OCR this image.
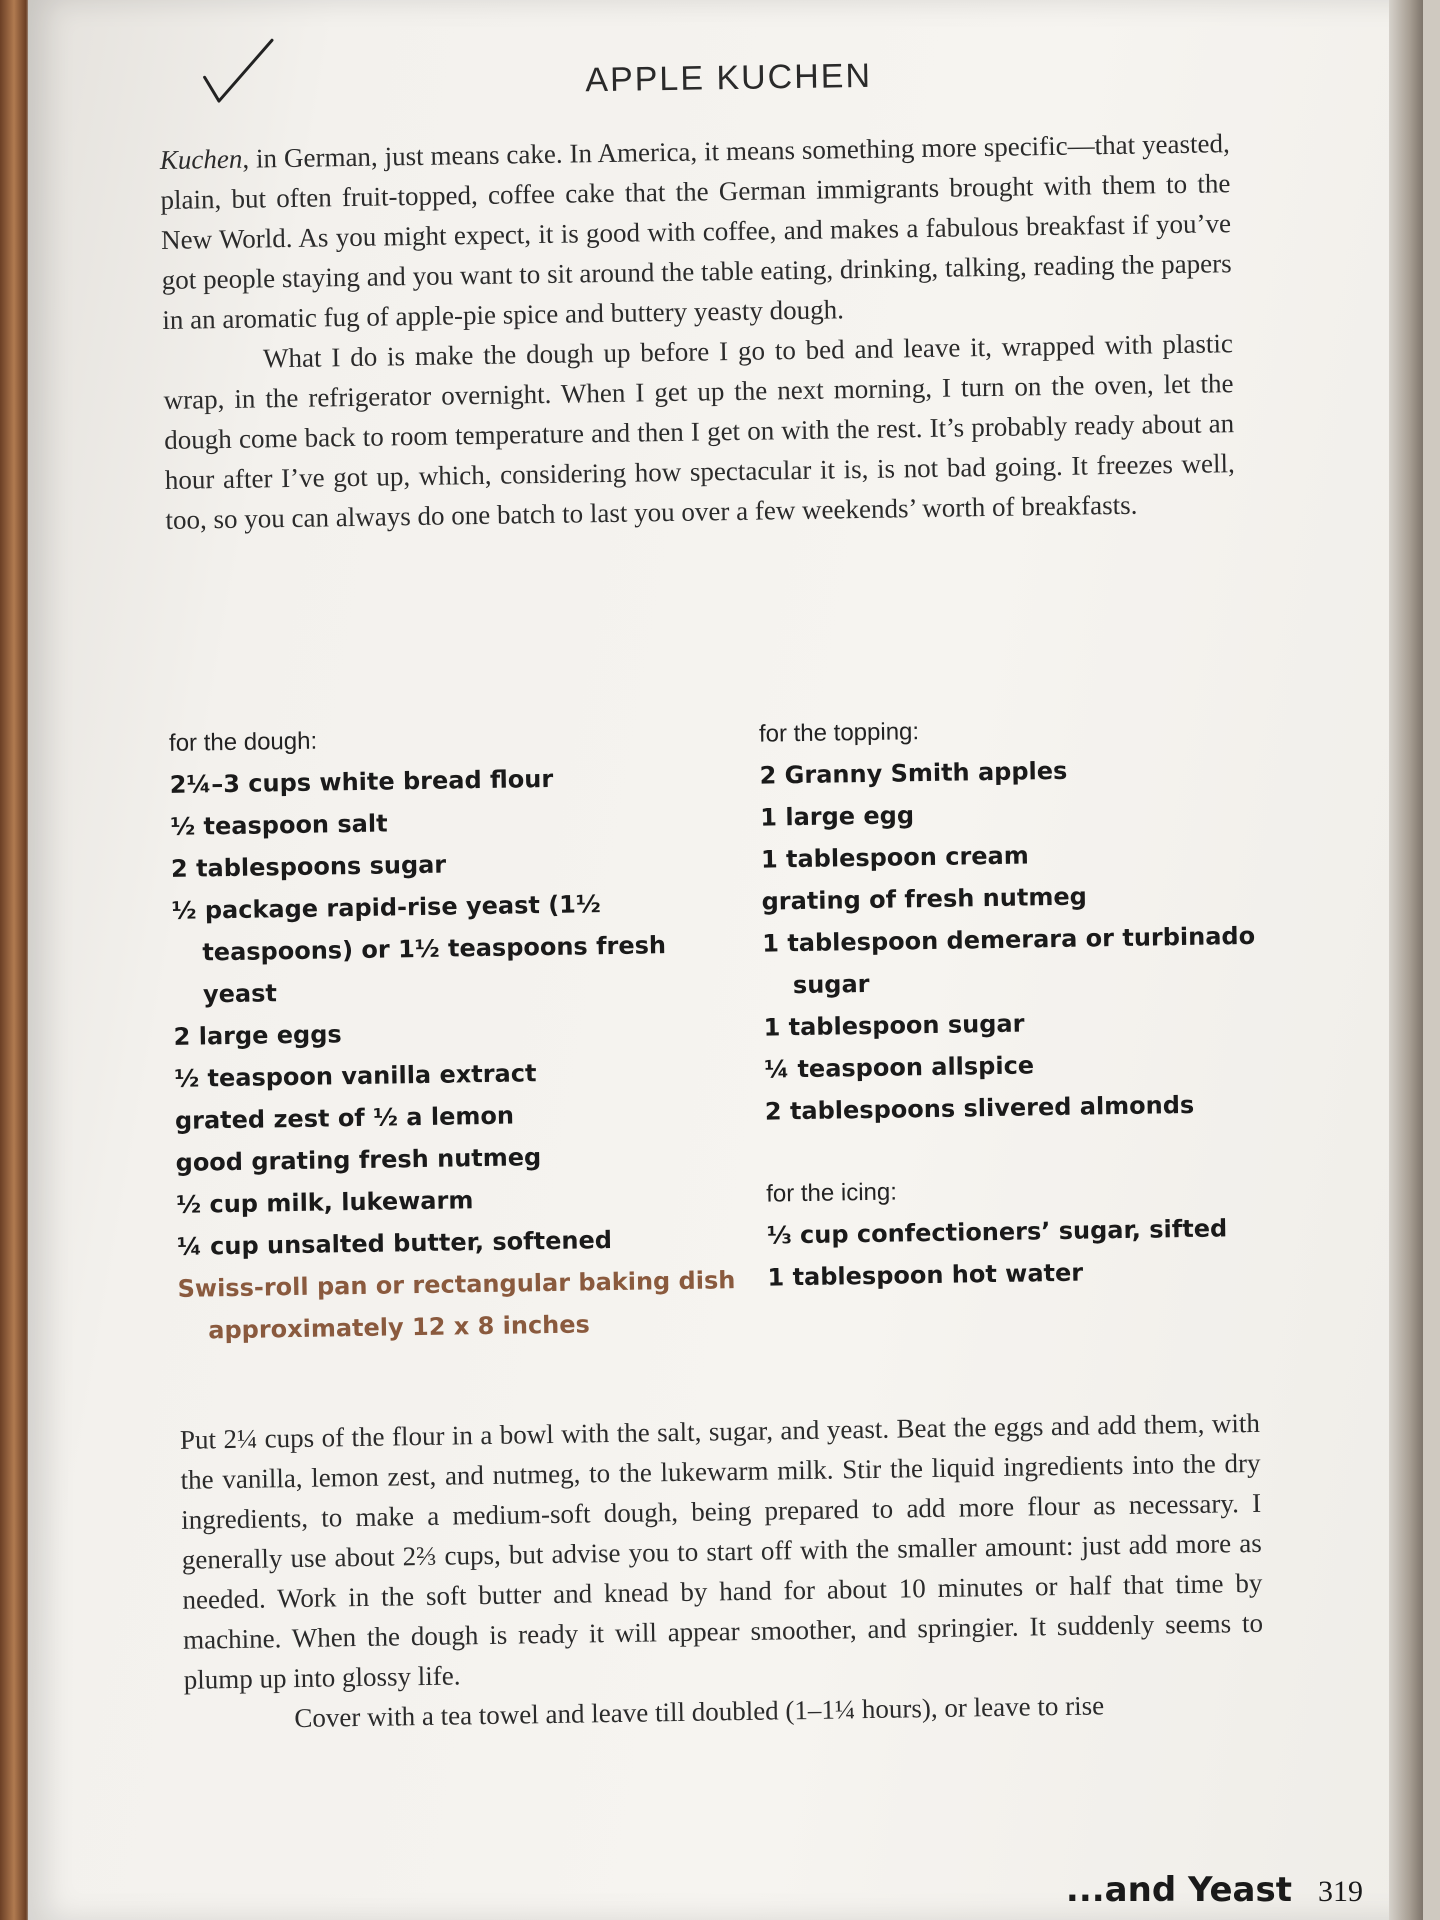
APPLE KUCHEN

Kuchen, in German, just means cake. In America, it means something more specific—that yeasted, plain, but often fruit-topped, coffee cake that the German immigrants brought with them to the New World. As you might expect, it is good with coffee, and makes a fabulous breakfast if you’ve got people staying and you want to sit around the table eating, drinking, talking, reading the papers in an aromatic fug of apple-pie spice and buttery yeasty dough.

What I do is make the dough up before I go to bed and leave it, wrapped with plastic wrap, in the refrigerator overnight. When I get up the next morning, I turn on the oven, let the dough come back to room temperature and then I get on with the rest. It’s probably ready about an hour after I’ve got up, which, considering how spectacular it is, is not bad going. It freezes well, too, so you can always do one batch to last you over a few weekends’ worth of breakfasts.

for the dough:
2¼–3 cups white bread flour
½ teaspoon salt
2 tablespoons sugar
½ package rapid-rise yeast (1½ teaspoons) or 1½ teaspoons fresh yeast
2 large eggs
½ teaspoon vanilla extract
grated zest of ½ a lemon
good grating fresh nutmeg
½ cup milk, lukewarm
¼ cup unsalted butter, softened
Swiss-roll pan or rectangular baking dish approximately 12 x 8 inches
for the topping:
2 Granny Smith apples
1 large egg
1 tablespoon cream
grating of fresh nutmeg
1 tablespoon demerara or turbinado sugar
1 tablespoon sugar
¼ teaspoon allspice
2 tablespoons slivered almonds
for the icing:
⅓ cup confectioners’ sugar, sifted
1 tablespoon hot water

Put 2¼ cups of the flour in a bowl with the salt, sugar, and yeast. Beat the eggs and add them, with the vanilla, lemon zest, and nutmeg, to the lukewarm milk. Stir the liquid ingredients into the dry ingredients, to make a medium-soft dough, being prepared to add more flour as necessary. I generally use about 2⅔ cups, but advise you to start off with the smaller amount: just add more as needed. Work in the soft butter and knead by hand for about 10 minutes or half that time by machine. When the dough is ready it will appear smoother, and springier. It suddenly seems to plump up into glossy life.

Cover with a tea towel and leave till doubled (1–1¼ hours), or leave to rise

...and Yeast 319
